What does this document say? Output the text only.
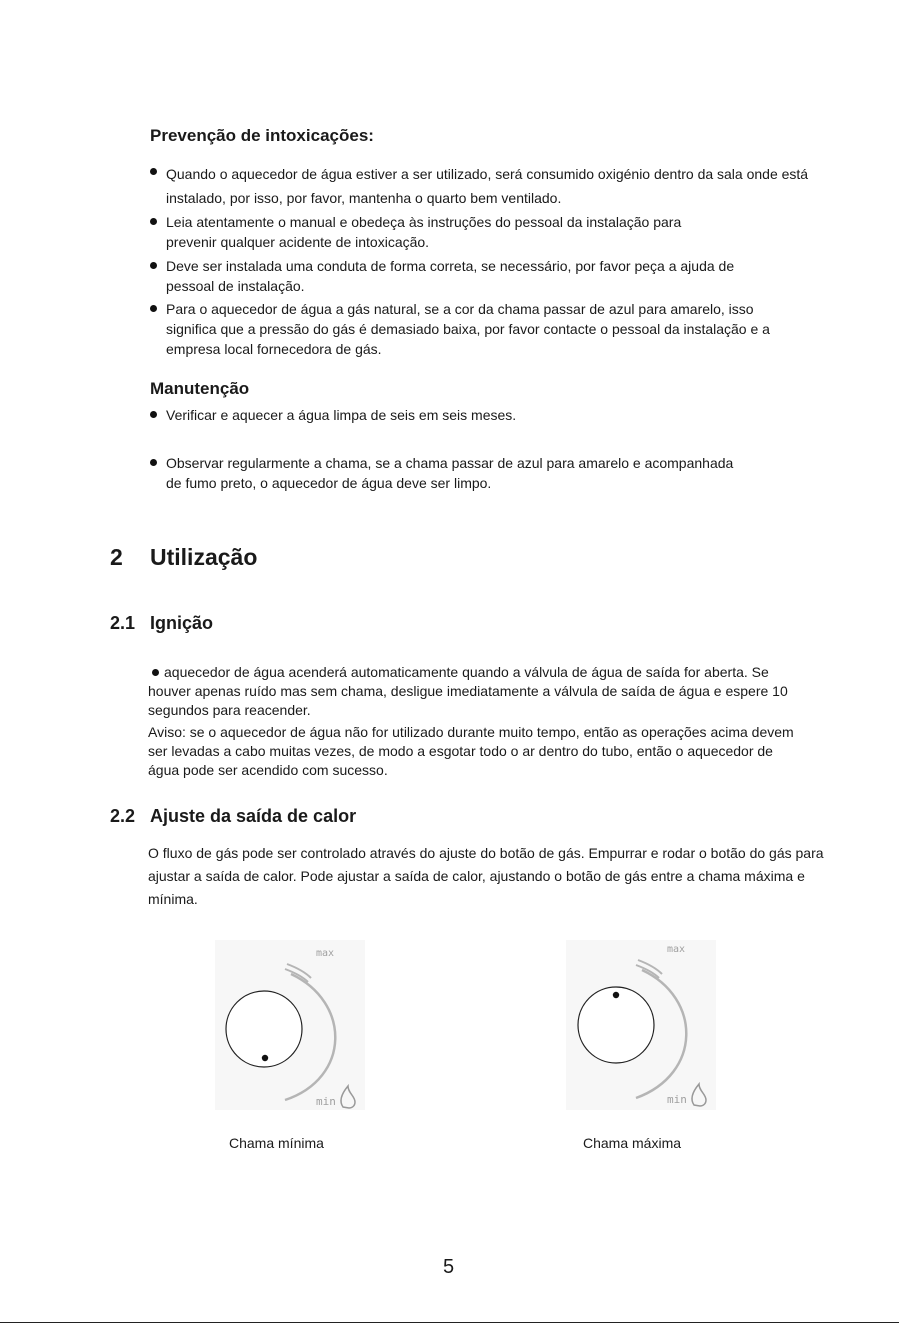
Prevenção de intoxicações:
Quando o aquecedor de água estiver a ser utilizado, será consumido oxigénio dentro da sala onde está
instalado, por isso, por favor, mantenha o quarto bem ventilado.
Leia atentamente o manual e obedeça às instruções do pessoal da instalação para
prevenir qualquer acidente de intoxicação.
Deve ser instalada uma conduta de forma correta, se necessário, por favor peça a ajuda de
pessoal de instalação.
Para o aquecedor de água a gás natural, se a cor da chama passar de azul para amarelo, isso
significa que a pressão do gás é demasiado baixa, por favor contacte o pessoal da instalação e a
empresa local fornecedora de gás.
Manutenção
Verificar e aquecer a água limpa de seis em seis meses.
Observar regularmente a chama, se a chama passar de azul para amarelo e acompanhada
de fumo preto, o aquecedor de água deve ser limpo.
2 Utilização
2.1 Ignição
aquecedor de água acenderá automaticamente quando a válvula de água de saída for aberta. Se
houver apenas ruído mas sem chama, desligue imediatamente a válvula de saída de água e espere 10
segundos para reacender.
Aviso: se o aquecedor de água não for utilizado durante muito tempo, então as operações acima devem
ser levadas a cabo muitas vezes, de modo a esgotar todo o ar dentro do tubo, então o aquecedor de
água pode ser acendido com sucesso.
2.2 Ajuste da saída de calor
O fluxo de gás pode ser controlado através do ajuste do botão de gás. Empurrar e rodar o botão do gás para
ajustar a saída de calor. Pode ajustar a saída de calor, ajustando o botão de gás entre a chama máxima e
mínima.
max
min
Chama mínima
max
min
Chama máxima
5
